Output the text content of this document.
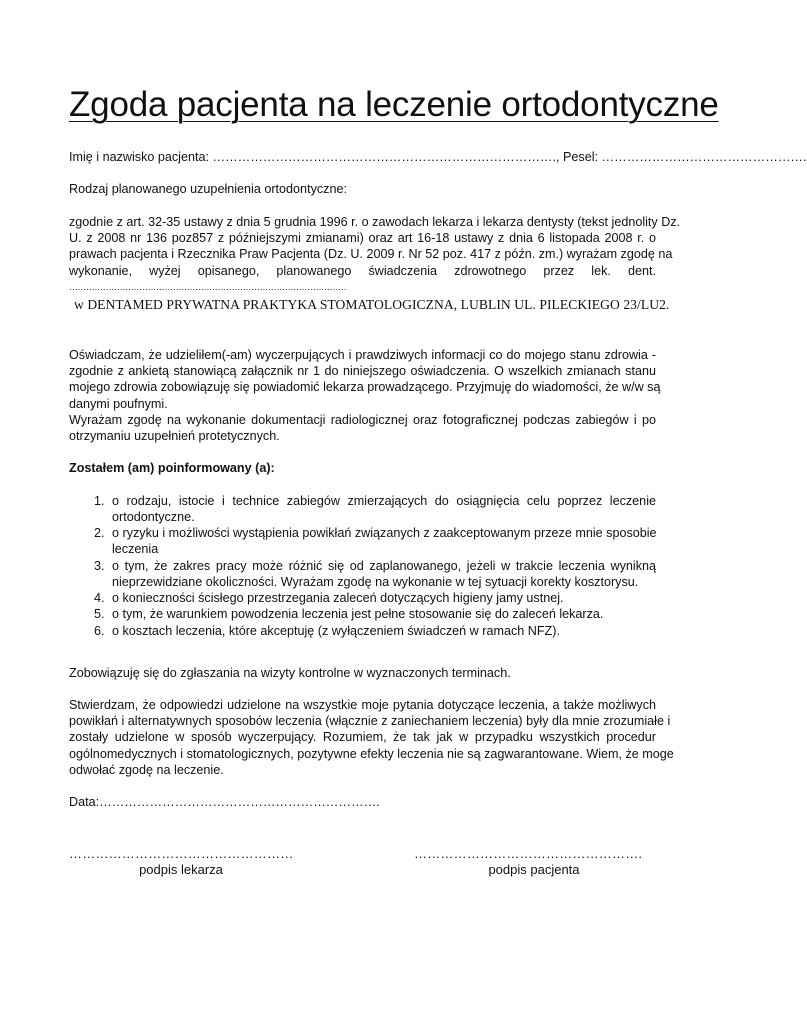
Zgoda pacjenta na leczenie ortodontyczne
Imię i nazwisko pacjenta: ………………………………………………………………………., Pesel: ………………………………………….
Rodzaj planowanego uzupełnienia ortodontyczne:
zgodnie z art. 32-35 ustawy z dnia 5 grudnia 1996 r. o zawodach lekarza i lekarza dentysty (tekst jednolity Dz.
U. z 2008 nr 136 poz857 z późniejszymi zmianami) oraz art 16-18 ustawy z dnia 6 listopada 2008 r. o
prawach pacjenta i Rzecznika Praw Pacjenta (Dz. U. 2009 r. Nr 52 poz. 417 z późn. zm.) wyrażam zgodę na
wykonanie, wyżej opisanego, planowanego świadczenia zdrowotnego przez lek. dent.
………………………………………………………………………………………
w DENTAMED PRYWATNA PRAKTYKA STOMATOLOGICZNA, LUBLIN UL. PILECKIEGO 23/LU2.
Oświadczam, że udzieliłem(-am) wyczerpujących i prawdziwych informacji co do mojego stanu zdrowia -
zgodnie z ankietą stanowiącą załącznik nr 1 do niniejszego oświadczenia. O wszelkich zmianach stanu
mojego zdrowia zobowiązuję się powiadomić lekarza prowadzącego. Przyjmuję do wiadomości, że w/w są
danymi poufnymi.
Wyrażam zgodę na wykonanie dokumentacji radiologicznej oraz fotograficznej podczas zabiegów i po
otrzymaniu uzupełnień protetycznych.
Zostałem (am) poinformowany (a):
1. o rodzaju, istocie i technice zabiegów zmierzających do osiągnięcia celu poprzez leczenie
ortodontyczne.
2. o ryzyku i możliwości wystąpienia powikłań związanych z zaakceptowanym przeze mnie sposobie
leczenia
3. o tym, że zakres pracy może różnić się od zaplanowanego, jeżeli w trakcie leczenia wynikną
nieprzewidziane okoliczności. Wyrażam zgodę na wykonanie w tej sytuacji korekty kosztorysu.
4. o konieczności ścisłego przestrzegania zaleceń dotyczących higieny jamy ustnej.
5. o tym, że warunkiem powodzenia leczenia jest pełne stosowanie się do zaleceń lekarza.
6. o kosztach leczenia, które akceptuję (z wyłączeniem świadczeń w ramach NFZ).
Zobowiązuję się do zgłaszania na wizyty kontrolne w wyznaczonych terminach.
Stwierdzam, że odpowiedzi udzielone na wszystkie moje pytania dotyczące leczenia, a także możliwych
powikłań i alternatywnych sposobów leczenia (włącznie z zaniechaniem leczenia) były dla mnie zrozumiałe i
zostały udzielone w sposób wyczerpujący. Rozumiem, że tak jak w przypadku wszystkich procedur
ogólnomedycznych i stomatologicznych, pozytywne efekty leczenia nie są zagwarantowane. Wiem, że moge
odwołać zgodę na leczenie.
Data:………………………………………………………….
……………………………………………
podpis lekarza
…………………………………………….
podpis pacjenta
